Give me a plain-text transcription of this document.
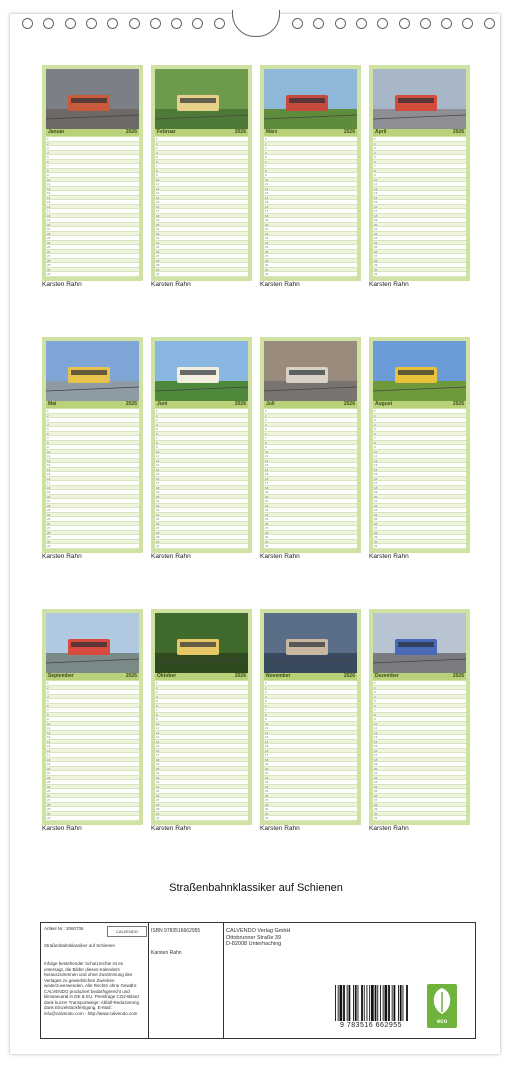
Januar	2026
1
2
3
4
5
6
7
8
9
10
11
12
13
14
15
16
17
18
19
20
21
22
23
24
25
26
27
28
29
30
31
Karsten Rahn
Februar	2026
1
2
3
4
5
6
7
8
9
10
11
12
13
14
15
16
17
18
19
20
21
22
23
24
25
26
27
28
29
30
31
Karsten Rahn
März	2026
1
2
3
4
5
6
7
8
9
10
11
12
13
14
15
16
17
18
19
20
21
22
23
24
25
26
27
28
29
30
31
Karsten Rahn
April	2026
1
2
3
4
5
6
7
8
9
10
11
12
13
14
15
16
17
18
19
20
21
22
23
24
25
26
27
28
29
30
31
Karsten Rahn
Mai	2026
1
2
3
4
5
6
7
8
9
10
11
12
13
14
15
16
17
18
19
20
21
22
23
24
25
26
27
28
29
30
31
Karsten Rahn
Juni	2026
1
2
3
4
5
6
7
8
9
10
11
12
13
14
15
16
17
18
19
20
21
22
23
24
25
26
27
28
29
30
31
Karsten Rahn
Juli	2026
1
2
3
4
5
6
7
8
9
10
11
12
13
14
15
16
17
18
19
20
21
22
23
24
25
26
27
28
29
30
31
Karsten Rahn
August	2026
1
2
3
4
5
6
7
8
9
10
11
12
13
14
15
16
17
18
19
20
21
22
23
24
25
26
27
28
29
30
31
Karsten Rahn
September	2026
1
2
3
4
5
6
7
8
9
10
11
12
13
14
15
16
17
18
19
20
21
22
23
24
25
26
27
28
29
30
31
Karsten Rahn
Oktober	2026
1
2
3
4
5
6
7
8
9
10
11
12
13
14
15
16
17
18
19
20
21
22
23
24
25
26
27
28
29
30
31
Karsten Rahn
November	2026
1
2
3
4
5
6
7
8
9
10
11
12
13
14
15
16
17
18
19
20
21
22
23
24
25
26
27
28
29
30
31
Karsten Rahn
Dezember	2026
1
2
3
4
5
6
7
8
9
10
11
12
13
14
15
16
17
18
19
20
21
22
23
24
25
26
27
28
29
30
31
Karsten Rahn
Straßenbahnklassiker auf Schienen
Artikel Nr.: 2060706
CALVENDO
Straßenbahnklassiker auf Schienen
Infolge bestehender Schutzrechte ist es untersagt, die Bilder dieses Kalenders herauszutrennen und ohne Zustimmung des Verlages zu gewerblichen Zwecken weiterzuverwenden. Alle Rechte ohne Gewähr. CALVENDO produziert bedarfsgerecht und klimaneutral in DE & EU. Preisfrage CO2-Bilanz dank kurzer Transportwege: Abfall-Reduzierung dank Einzelstückfertigung. E-Mail: info@calvendo.com · http://www.calvendo.com
ISBN 9783516662955
Karsten Rahn
CALVENDO Verlag GmbH
Ottobrunner Straße 39
D-82008 Unterhaching
9 783516 662955	eco
